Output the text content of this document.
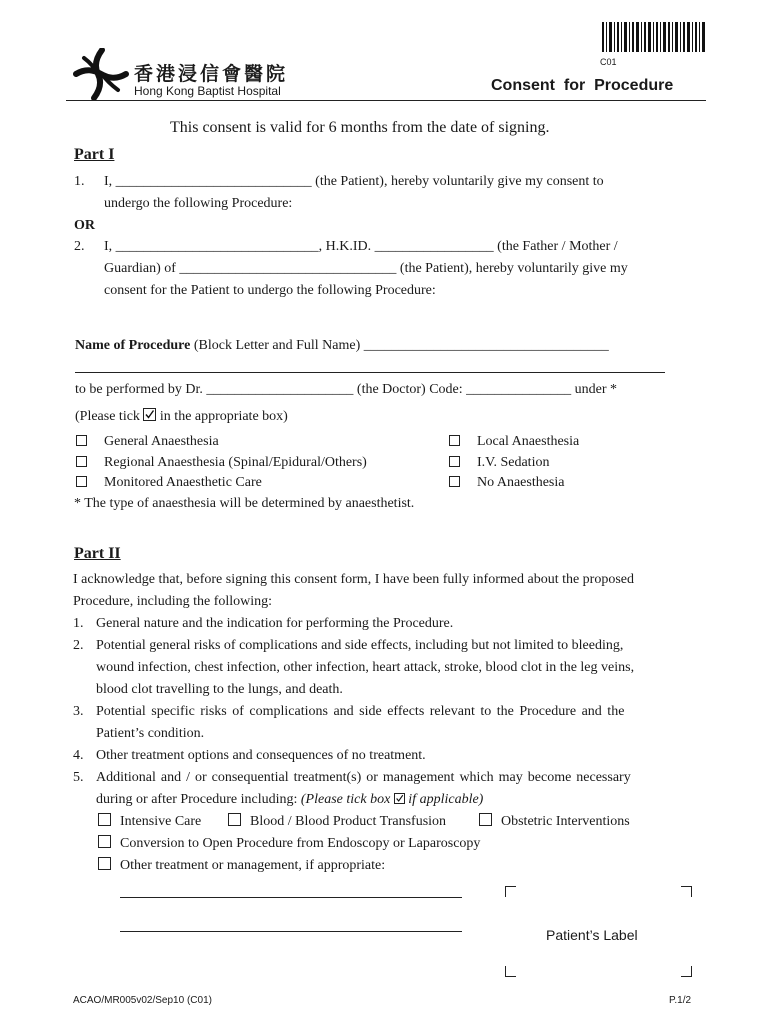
C01
香港浸信會醫院
Hong Kong Baptist Hospital	Consent  for  Procedure
This consent is valid for 6 months from the date of signing.
Part I
1. I, ____________________________ (the Patient), hereby voluntarily give my consent to
undergo the following Procedure:
OR
2. I, _____________________________, H.K.ID. _________________ (the Father / Mother /
Guardian) of _______________________________ (the Patient), hereby voluntarily give my
consent for the Patient to undergo the following Procedure:
Name of Procedure (Block Letter and Full Name) ___________________________________
to be performed by Dr. _____________________ (the Doctor) Code: _______________ under *
(Please tick in the appropriate box)
General Anaesthesia
Regional Anaesthesia (Spinal/Epidural/Others)
Monitored Anaesthetic Care
Local Anaesthesia
I.V. Sedation
No Anaesthesia
* The type of anaesthesia will be determined by anaesthetist.
Part II
I acknowledge that, before signing this consent form, I have been fully informed about the proposed
Procedure, including the following:
1. General nature and the indication for performing the Procedure.
2. Potential general risks of complications and side effects, including but not limited to bleeding,
wound infection, chest infection, other infection, heart attack, stroke, blood clot in the leg veins,
blood clot travelling to the lungs, and death.
3. Potential specific risks of complications and side effects relevant to the Procedure and the
Patient’s condition.
4. Other treatment options and consequences of no treatment.
5. Additional and / or consequential treatment(s) or management which may become necessary
during or after Procedure including: (Please tick box if applicable)
Intensive Care	Blood / Blood Product Transfusion	Obstetric Interventions
Conversion to Open Procedure from Endoscopy or Laparoscopy
Other treatment or management, if appropriate:
Patient’s Label
ACAO/MR005v02/Sep10 (C01)	P.1/2
